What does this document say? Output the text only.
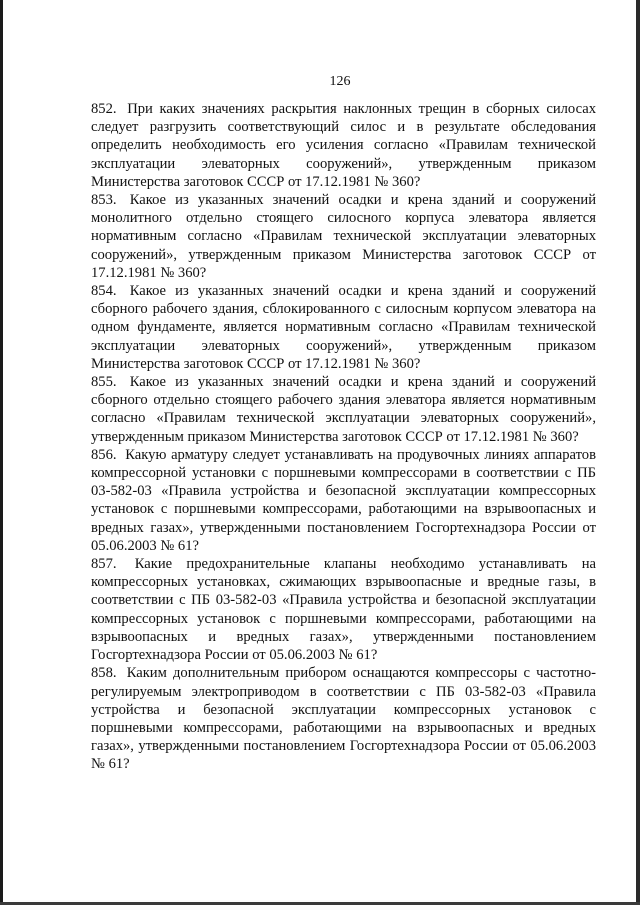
126

852. При каких значениях раскрытия наклонных трещин в сборных силосах следует разгрузить соответствующий силос и в результате обследования определить необходимость его усиления согласно «Правилам технической эксплуатации элеваторных сооружений», утвержденным приказом Министерства заготовок СССР от 17.12.1981 № 360?

853. Какое из указанных значений осадки и крена зданий и сооружений монолитного отдельно стоящего силосного корпуса элеватора является нормативным согласно «Правилам технической эксплуатации элеваторных сооружений», утвержденным приказом Министерства заготовок СССР от 17.12.1981 № 360?

854. Какое из указанных значений осадки и крена зданий и сооружений сборного рабочего здания, сблокированного с силосным корпусом элеватора на одном фундаменте, является нормативным согласно «Правилам технической эксплуатации элеваторных сооружений», утвержденным приказом Министерства заготовок СССР от 17.12.1981 № 360?

855. Какое из указанных значений осадки и крена зданий и сооружений сборного отдельно стоящего рабочего здания элеватора является нормативным согласно «Правилам технической эксплуатации элеваторных сооружений», утвержденным приказом Министерства заготовок СССР от 17.12.1981 № 360?

856. Какую арматуру следует устанавливать на продувочных линиях аппаратов компрессорной установки с поршневыми компрессорами в соответствии с ПБ 03-582-03 «Правила устройства и безопасной эксплуатации компрессорных установок с поршневыми компрессорами, работающими на взрывоопасных и вредных газах», утвержденными постановлением Госгортехнадзора России от 05.06.2003 № 61?

857. Какие предохранительные клапаны необходимо устанавливать на компрессорных установках, сжимающих взрывоопасные и вредные газы, в соответствии с ПБ 03-582-03 «Правила устройства и безопасной эксплуатации компрессорных установок с поршневыми компрессорами, работающими на взрывоопасных и вредных газах», утвержденными постановлением Госгортехнадзора России от 05.06.2003 № 61?

858. Каким дополнительным прибором оснащаются компрессоры с частотно-регулируемым электроприводом в соответствии с ПБ 03-582-03 «Правила устройства и безопасной эксплуатации компрессорных установок с поршневыми компрессорами, работающими на взрывоопасных и вредных газах», утвержденными постановлением Госгортехнадзора России от 05.06.2003 № 61?
